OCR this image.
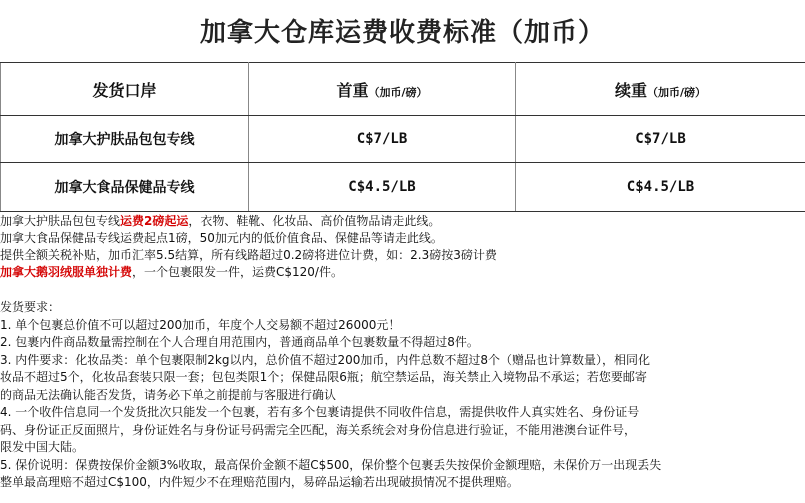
加拿大仓库运费收费标准（加币）
发货口岸	首重（加币/磅）	续重（加币/磅）
加拿大护肤品包包专线	C$7/LB	C$7/LB
加拿大食品保健品专线	C$4.5/LB	C$4.5/LB
加拿大护肤品包包专线运费2磅起运，衣物、鞋靴、化妆品、高价值物品请走此线。
加拿大食品保健品专线运费起点1磅，50加元内的低价值食品、保健品等请走此线。
提供全额关税补贴，加币汇率5.5结算，所有线路超过0.2磅将进位计费，如：2.3磅按3磅计费
加拿大鹅羽绒服单独计费，一个包裹限发一件，运费C$120/件。
发货要求：
1. 单个包裹总价值不可以超过200加币，年度个人交易额不超过26000元！
2. 包裹内件商品数量需控制在个人合理自用范围内，普通商品单个包裹数量不得超过8件。
3. 内件要求：化妆品类：单个包裹限制2kg以内，总价值不超过200加币，内件总数不超过8个（赠品也计算数量），相同化
妆品不超过5个，化妆品套装只限一套；包包类限1个；保健品限6瓶；航空禁运品，海关禁止入境物品不承运；若您要邮寄
的商品无法确认能否发货，请务必下单之前提前与客服进行确认
4. 一个收件信息同一个发货批次只能发一个包裹，若有多个包裹请提供不同收件信息，需提供收件人真实姓名、身份证号
码、身份证正反面照片，身份证姓名与身份证号码需完全匹配，海关系统会对身份信息进行验证，不能用港澳台证件号，
限发中国大陆。
5. 保价说明：保费按保价金额3%收取，最高保价金额不超C$500，保价整个包裹丢失按保价金额理赔，未保价万一出现丢失
整单最高理赔不超过C$100，内件短少不在理赔范围内，易碎品运输若出现破损情况不提供理赔。
